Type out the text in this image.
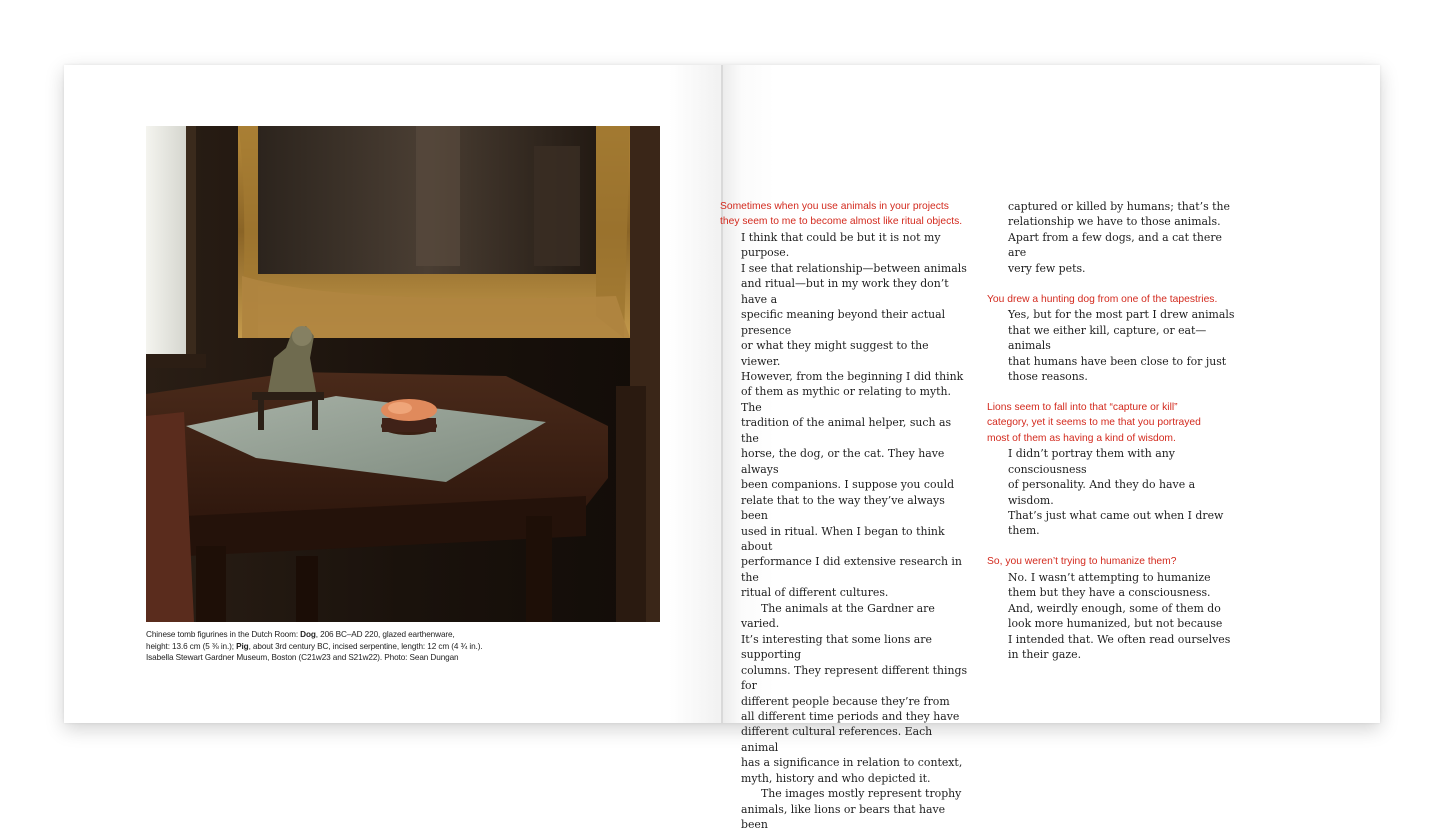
Chinese tomb figurines in the Dutch Room: Dog, 206 BC–AD 220, glazed earthenware,

height: 13.6 cm (5 ⅜ in.); Pig, about 3rd century BC, incised serpentine, length: 12 cm (4 ¾ in.).

Isabella Stewart Gardner Museum, Boston (C21w23 and S21w22). Photo: Sean Dungan

Sometimes when you use animals in your projects

they seem to me to become almost like ritual objects.

I think that could be but it is not my purpose.

I see that relationship—between animals

and ritual—but in my work they don’t have a

specific meaning beyond their actual presence

or what they might suggest to the viewer.

However, from the beginning I did think

of them as mythic or relating to myth. The

tradition of the animal helper, such as the

horse, the dog, or the cat. They have always

been companions. I suppose you could

relate that to the way they’ve always been

used in ritual. When I began to think about

performance I did extensive research in the

ritual of different cultures.

The animals at the Gardner are varied.

It’s interesting that some lions are supporting

columns. They represent different things for

different people because they’re from

all different time periods and they have

different cultural references. Each animal

has a significance in relation to context,

myth, history and who depicted it.

The images mostly represent trophy

animals, like lions or bears that have been

captured or killed by humans; that’s the

relationship we have to those animals.

Apart from a few dogs, and a cat there are

very few pets.

You drew a hunting dog from one of the tapestries.

Yes, but for the most part I drew animals

that we either kill, capture, or eat—animals

that humans have been close to for just

those reasons.

Lions seem to fall into that “capture or kill”

category, yet it seems to me that you portrayed

most of them as having a kind of wisdom.

I didn’t portray them with any consciousness

of personality. And they do have a wisdom.

That’s just what came out when I drew them.

So, you weren’t trying to humanize them?

No. I wasn’t attempting to humanize

them but they have a consciousness.

And, weirdly enough, some of them do

look more humanized, but not because

I intended that. We often read ourselves

in their gaze.
